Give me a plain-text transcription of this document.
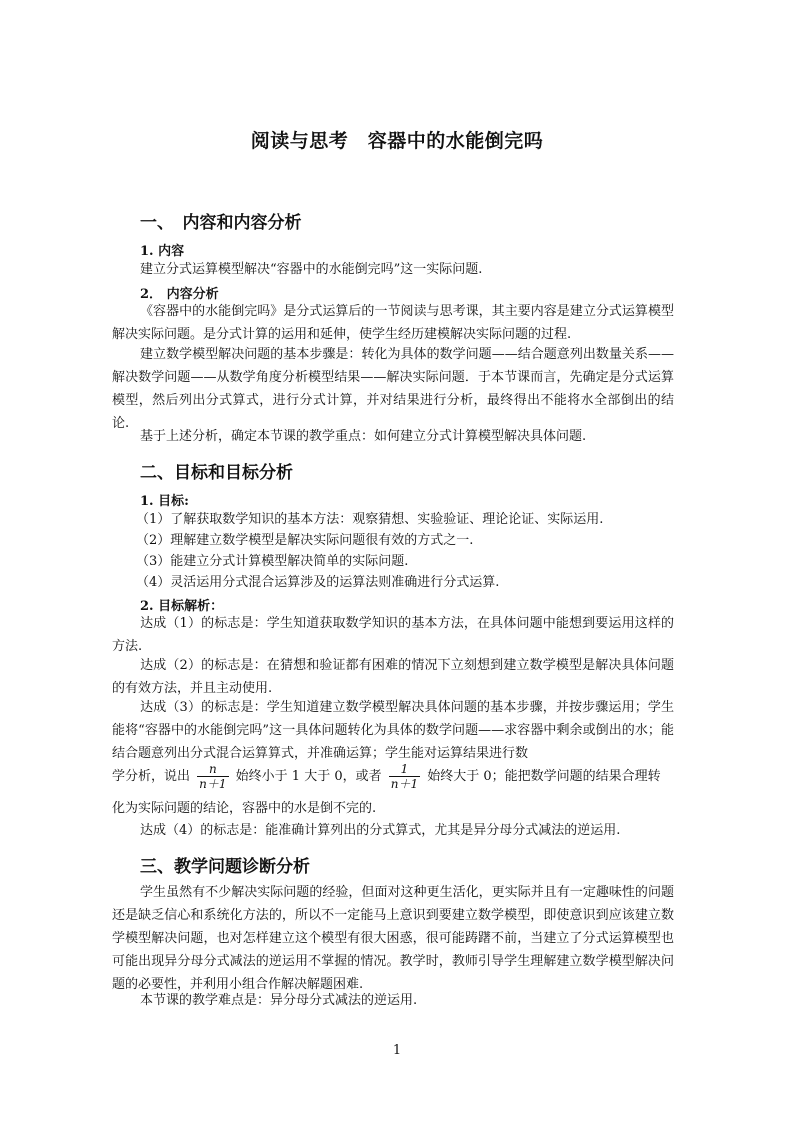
阅读与思考　容器中的水能倒完吗
一、　内容和内容分析
1. 内容
建立分式运算模型解决“容器中的水能倒完吗”这一实际问题.
2． 内容分析
《容器中的水能倒完吗》是分式运算后的一节阅读与思考课，其主要内容是建立分式运算模型解决实际问题。是分式计算的运用和延伸，使学生经历建模解决实际问题的过程.
建立数学模型解决问题的基本步骤是：转化为具体的数学问题——结合题意列出数量关系——解决数学问题——从数学角度分析模型结果——解决实际问题．于本节课而言，先确定是分式运算模型，然后列出分式算式，进行分式计算，并对结果进行分析，最终得出不能将水全部倒出的结论.
基于上述分析，确定本节课的教学重点：如何建立分式计算模型解决具体问题.
二、目标和目标分析
1. 目标:
（1）了解获取数学知识的基本方法：观察猜想、实验验证、理论论证、实际运用.
（2）理解建立数学模型是解决实际问题很有效的方式之一.
（3）能建立分式计算模型解决简单的实际问题.
（4）灵活运用分式混合运算涉及的运算法则准确进行分式运算.
2. 目标解析：
达成（1）的标志是：学生知道获取数学知识的基本方法，在具体问题中能想到要运用这样的方法.
达成（2）的标志是：在猜想和验证都有困难的情况下立刻想到建立数学模型是解决具体问题的有效方法，并且主动使用.
达成（3）的标志是：学生知道建立数学模型解决具体问题的基本步骤，并按步骤运用；学生能将“容器中的水能倒完吗”这一具体问题转化为具体的数学问题——求容器中剩余或倒出的水；能结合题意列出分式混合运算算式，并准确运算；学生能对运算结果进行数
学分析，说出 $\frac{n}{n+1}$ 始终小于 1 大于 0，或者 $\frac{1}{n+1}$ 始终大于 0；能把数学问题的结果合理转
化为实际问题的结论，容器中的水是倒不完的.
达成（4）的标志是：能准确计算列出的分式算式，尤其是异分母分式减法的逆运用.
三、教学问题诊断分析
学生虽然有不少解决实际问题的经验，但面对这种更生活化，更实际并且有一定趣味性的问题还是缺乏信心和系统化方法的，所以不一定能马上意识到要建立数学模型，即使意识到应该建立数学模型解决问题，也对怎样建立这个模型有很大困惑，很可能踌躇不前，当建立了分式运算模型也可能出现异分母分式减法的逆运用不掌握的情况。教学时，教师引导学生理解建立数学模型解决问题的必要性，并利用小组合作解决解题困难.
本节课的教学难点是：异分母分式减法的逆运用.
1
